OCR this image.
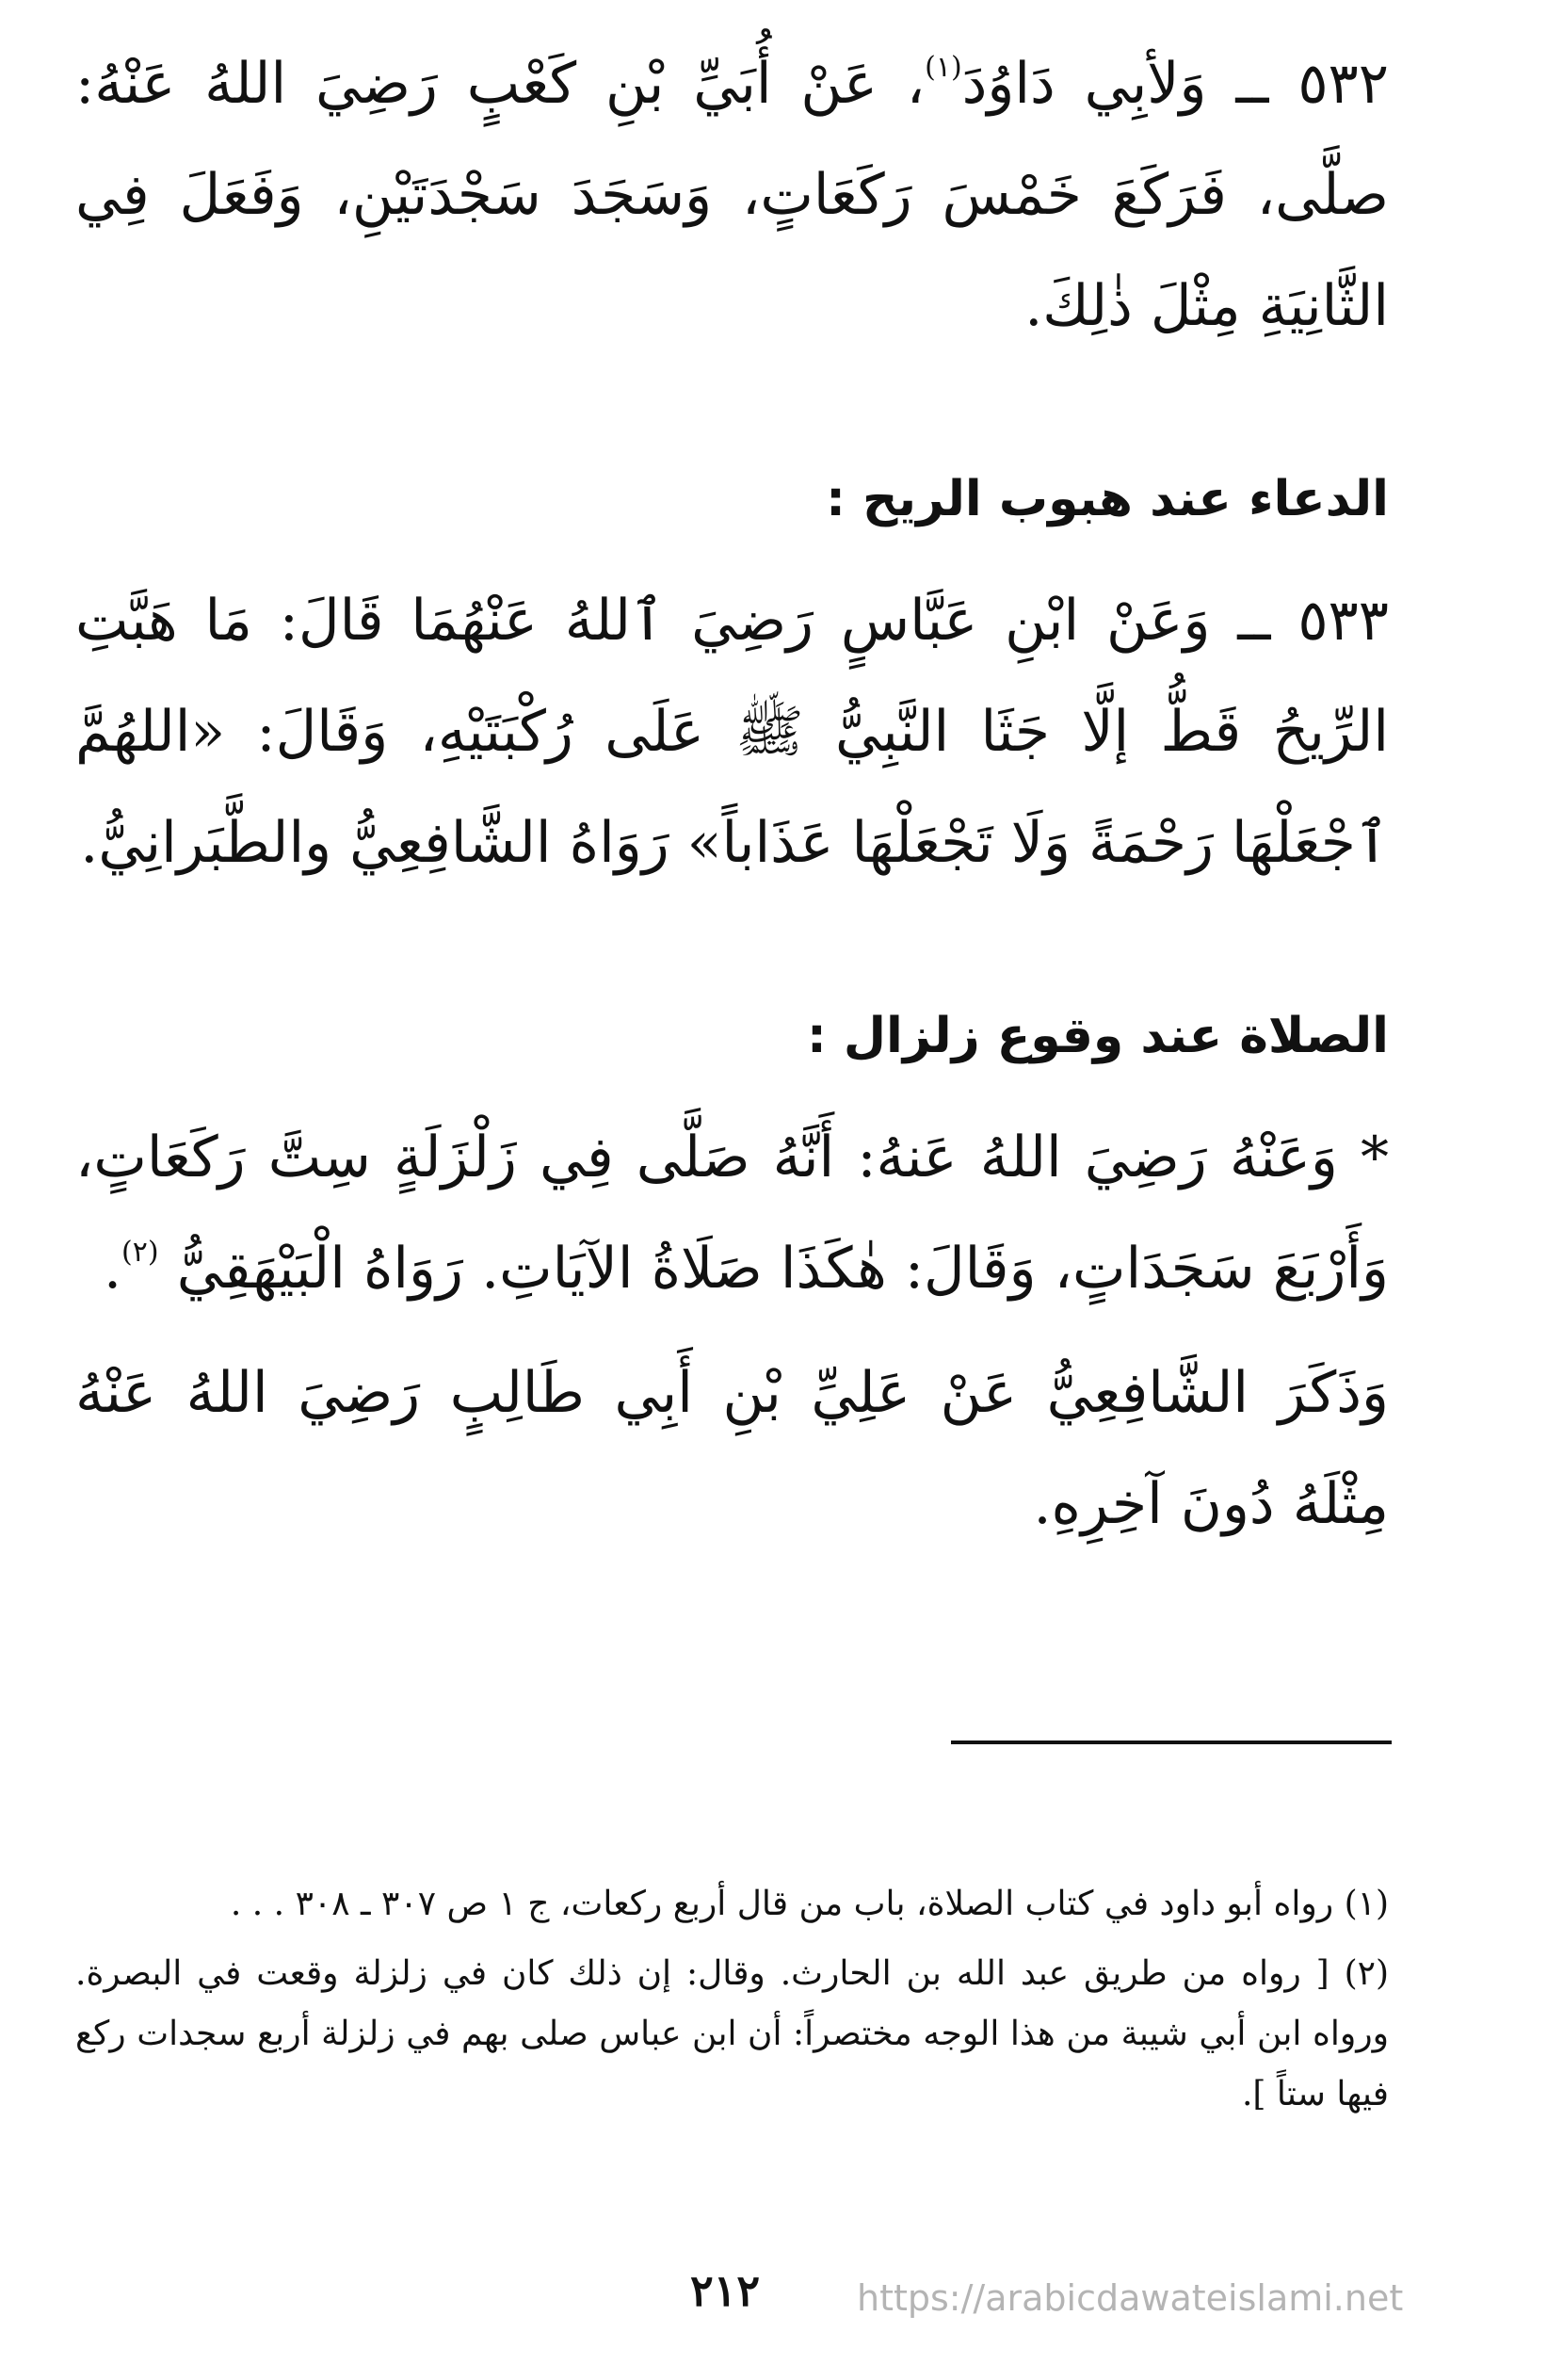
٥٣٢ ــ وَلأبِي دَاوُدَ$^{(١)}$، عَنْ أُبَيِّ بْنِ كَعْبٍ رَضِيَ اللهُ عَنْهُ: صلَّى، فَرَكَعَ خَمْسَ رَكَعَاتٍ، وَسَجَدَ سَجْدَتَيْنِ، وَفَعَلَ فِي الثَّانِيَةِ مِثْلَ ذٰلِكَ.

الدعاء عند هبوب الريح :

٥٣٣ ــ وَعَنْ ابْنِ عَبَّاسٍ رَضِيَ ٱللهُ عَنْهُمَا قَالَ: مَا هَبَّتِ الرِّيحُ قَطُّ إلَّا جَثَا النَّبِيُّ ﷺ عَلَى رُكْبَتَيْهِ، وَقَالَ: «اللهُمَّ ٱجْعَلْهَا رَحْمَةً وَلَا تَجْعَلْهَا عَذَاباً» رَوَاهُ الشَّافِعِيُّ والطَّبَرانِيُّ.

الصلاة عند وقوع زلزال :

* وَعَنْهُ رَضِيَ اللهُ عَنهُ: أَنَّهُ صَلَّى فِي زَلْزَلَةٍ سِتَّ رَكَعَاتٍ، وَأَرْبَعَ سَجَدَاتٍ، وَقَالَ: هٰكَذَا صَلَاةُ الآيَاتِ. رَوَاهُ الْبَيْهَقِيُّ $^{(٢)}$.

وَذَكَرَ الشَّافِعِيُّ عَنْ عَلِيِّ بْنِ أَبِي طَالِبٍ رَضِيَ اللهُ عَنْهُ مِثْلَهُ دُونَ آخِرِهِ.

(١) رواه أبو داود في كتاب الصلاة، باب من قال أربع ركعات، ج ١ ص ٣٠٧ ـ ٣٠٨ . . .

(٢) [ رواه من طريق عبد الله بن الحارث. وقال: إن ذلك كان في زلزلة وقعت في البصرة. ورواه ابن أبي شيبة من هذا الوجه مختصراً: أن ابن عباس صلى بهم في زلزلة أربع سجدات ركع فيها ستاً ].

٢١٢	https://arabicdawateislami.net
